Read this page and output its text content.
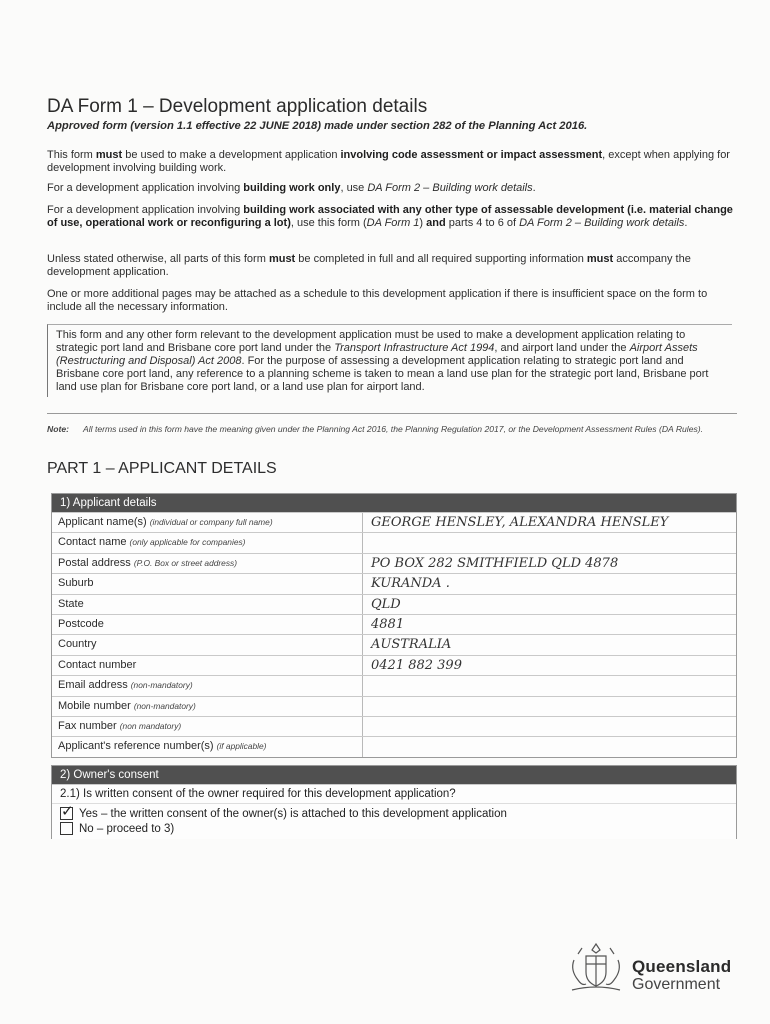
DA Form 1 – Development application details
Approved form (version 1.1 effective 22 JUNE 2018) made under section 282 of the Planning Act 2016.
This form must be used to make a development application involving code assessment or impact assessment, except when applying for development involving building work.
For a development application involving building work only, use DA Form 2 – Building work details.
For a development application involving building work associated with any other type of assessable development (i.e. material change of use, operational work or reconfiguring a lot), use this form (DA Form 1) and parts 4 to 6 of DA Form 2 – Building work details.
Unless stated otherwise, all parts of this form must be completed in full and all required supporting information must accompany the development application.
One or more additional pages may be attached as a schedule to this development application if there is insufficient space on the form to include all the necessary information.
This form and any other form relevant to the development application must be used to make a development application relating to strategic port land and Brisbane core port land under the Transport Infrastructure Act 1994, and airport land under the Airport Assets (Restructuring and Disposal) Act 2008. For the purpose of assessing a development application relating to strategic port land and Brisbane core port land, any reference to a planning scheme is taken to mean a land use plan for the strategic port land, Brisbane port land use plan for Brisbane core port land, or a land use plan for airport land.
Note: All terms used in this form have the meaning given under the Planning Act 2016, the Planning Regulation 2017, or the Development Assessment Rules (DA Rules).
PART 1 – APPLICANT DETAILS
1) Applicant details
Applicant name(s) (individual or company full name)	GEORGE HENSLEY, ALEXANDRA HENSLEY
Contact name (only applicable for companies)
Postal address (P.O. Box or street address)	PO BOX 282 SMITHFIELD QLD 4878
Suburb	KURANDA .
State	QLD
Postcode	4881
Country	AUSTRALIA
Contact number	0421 882 399
Email address (non-mandatory)
Mobile number (non-mandatory)
Fax number (non mandatory)
Applicant's reference number(s) (if applicable)
2) Owner's consent
2.1) Is written consent of the owner required for this development application?
✓
Yes – the written consent of the owner(s) is attached to this development application
No – proceed to 3)
Queensland
Government
